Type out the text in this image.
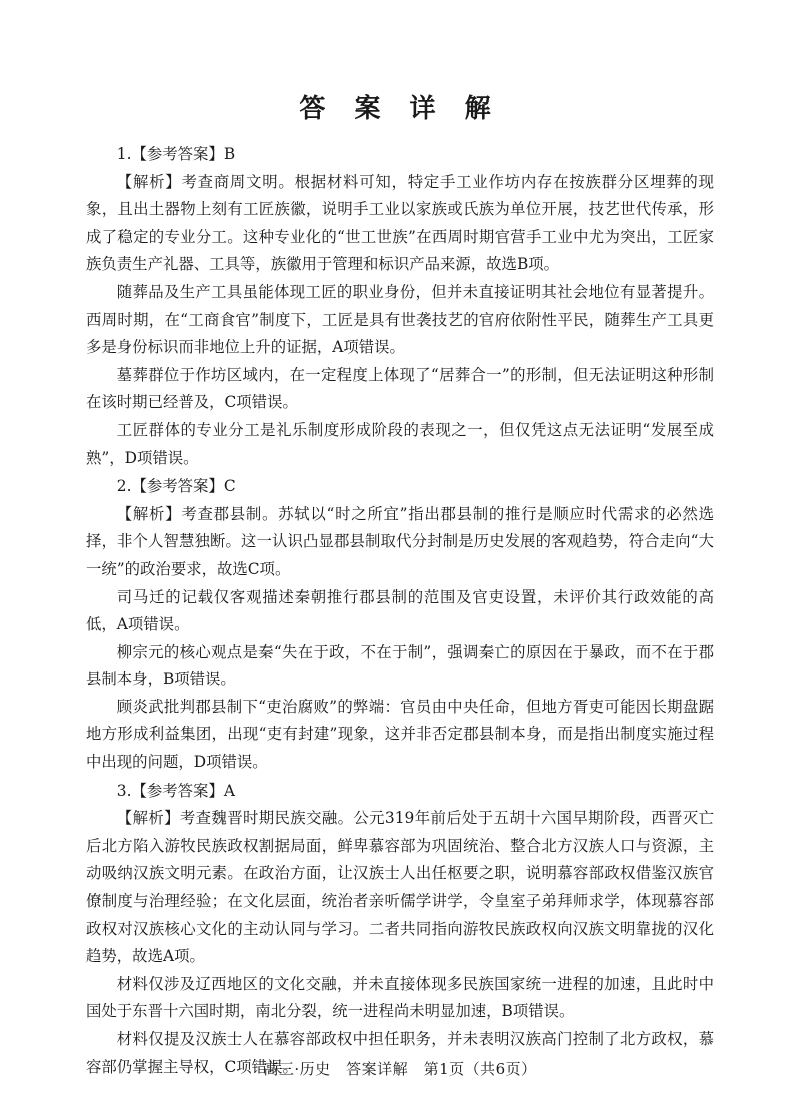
答 案 详 解

1.【参考答案】B

【解析】考查商周文明。根据材料可知，特定手工业作坊内存在按族群分区埋葬的现象，且出土器物上刻有工匠族徽，说明手工业以家族或氏族为单位开展，技艺世代传承，形成了稳定的专业分工。这种专业化的“世工世族”在西周时期官营手工业中尤为突出，工匠家族负责生产礼器、工具等，族徽用于管理和标识产品来源，故选B项。

随葬品及生产工具虽能体现工匠的职业身份，但并未直接证明其社会地位有显著提升。西周时期，在“工商食官”制度下，工匠是具有世袭技艺的官府依附性平民，随葬生产工具更多是身份标识而非地位上升的证据，A项错误。

墓葬群位于作坊区域内，在一定程度上体现了“居葬合一”的形制，但无法证明这种形制在该时期已经普及，C项错误。

工匠群体的专业分工是礼乐制度形成阶段的表现之一，但仅凭这点无法证明“发展至成熟”，D项错误。

2.【参考答案】C

【解析】考查郡县制。苏轼以“时之所宜”指出郡县制的推行是顺应时代需求的必然选择，非个人智慧独断。这一认识凸显郡县制取代分封制是历史发展的客观趋势，符合走向“大一统”的政治要求，故选C项。

司马迁的记载仅客观描述秦朝推行郡县制的范围及官吏设置，未评价其行政效能的高低，A项错误。

柳宗元的核心观点是秦“失在于政，不在于制”，强调秦亡的原因在于暴政，而不在于郡县制本身，B项错误。

顾炎武批判郡县制下“吏治腐败”的弊端：官员由中央任命，但地方胥吏可能因长期盘踞地方形成利益集团，出现“吏有封建”现象，这并非否定郡县制本身，而是指出制度实施过程中出现的问题，D项错误。

3.【参考答案】A

【解析】考查魏晋时期民族交融。公元319年前后处于五胡十六国早期阶段，西晋灭亡后北方陷入游牧民族政权割据局面，鲜卑慕容部为巩固统治、整合北方汉族人口与资源，主动吸纳汉族文明元素。在政治方面，让汉族士人出任枢要之职，说明慕容部政权借鉴汉族官僚制度与治理经验；在文化层面，统治者亲听儒学讲学，令皇室子弟拜师求学，体现慕容部政权对汉族核心文化的主动认同与学习。二者共同指向游牧民族政权向汉族文明靠拢的汉化趋势，故选A项。

材料仅涉及辽西地区的文化交融，并未直接体现多民族国家统一进程的加速，且此时中国处于东晋十六国时期，南北分裂，统一进程尚未明显加速，B项错误。

材料仅提及汉族士人在慕容部政权中担任职务，并未表明汉族高门控制了北方政权，慕容部仍掌握主导权，C项错误。

高三·历史　答案详解　第1页（共6页）
